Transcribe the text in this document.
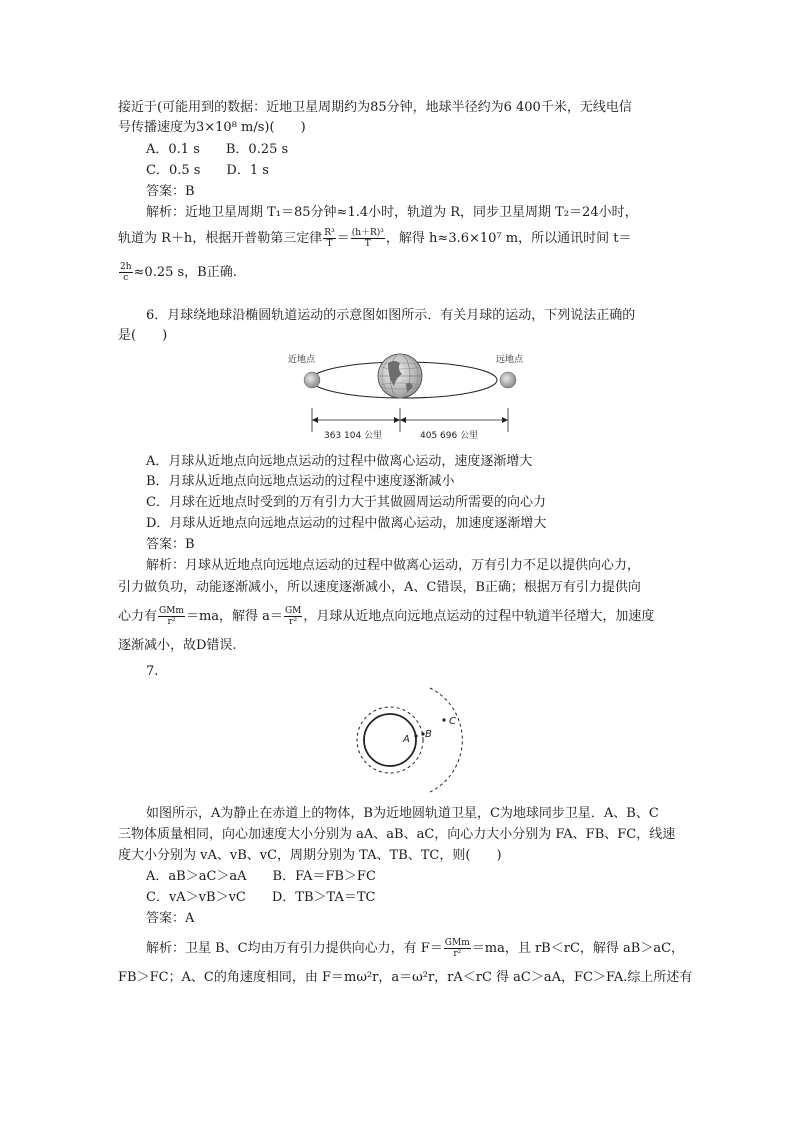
接近于(可能用到的数据：近地卫星周期约为85分钟，地球半径约为6 400千米，无线电信
号传播速度为3×10⁸ m/s)(　　)
A．0.1 s　　B．0.25 s
C．0.5 s　　D．1 s
答案：B
解析：近地卫星周期 T₁＝85分钟≈1.4小时，轨道为 R，同步卫星周期 T₂＝24小时，
轨道为 R＋h，根据开普勒第三定律 $\frac{\text{R³}}{T} = \frac{\text{(h＋R)³}}{T}$ ，解得 h≈3.6×10⁷ m，所以通讯时间 t＝
$\frac{2h}{c} \approx 0.25$ s，B正确.
6．月球绕地球沿椭圆轨道运动的示意图如图所示．有关月球的运动，下列说法正确的
是(　　)
近地点	远地点
363 104 公里	405 696 公里
A．月球从近地点向远地点运动的过程中做离心运动，速度逐渐增大
B．月球从近地点向远地点运动的过程中速度逐渐减小
C．月球在近地点时受到的万有引力大于其做圆周运动所需要的向心力
D．月球从近地点向远地点运动的过程中做离心运动，加速度逐渐增大
答案：B
解析：月球从近地点向远地点运动的过程中做离心运动，万有引力不足以提供向心力，
引力做负功，动能逐渐减小，所以速度逐渐减小，A、C错误，B正确；根据万有引力提供向
心力有 $\frac{\text{GMm}}{\text{r²}} =ma$，解得 $a= \frac{GM}{\text{r²}}$ ，月球从近地点向远地点运动的过程中轨道半径增大，加速度
逐渐减小，故D错误.
7.
A B
C
如图所示，A为静止在赤道上的物体，B为近地圆轨道卫星，C为地球同步卫星．A、B、C
三物体质量相同，向心加速度大小分别为 aA、aB、aC，向心力大小分别为 FA、FB、FC，线速
度大小分别为 vA、vB、vC，周期分别为 TA、TB、TC，则(　　)
A．aB＞aC＞aA　　B．FA＝FB＞FC
C．vA＞vB＞vC　　D．TB＞TA＝TC
答案：A
解析：卫星 B、C均由万有引力提供向心力，有 $F= \frac{\text{GMm}}{\text{r²}} =ma$，且 rB＜rC，解得 aB＞aC，
FB＞FC；A、C的角速度相同，由 F＝mω²r，a＝ω²r，rA＜rC 得 aC＞aA，FC＞FA.综上所述有
